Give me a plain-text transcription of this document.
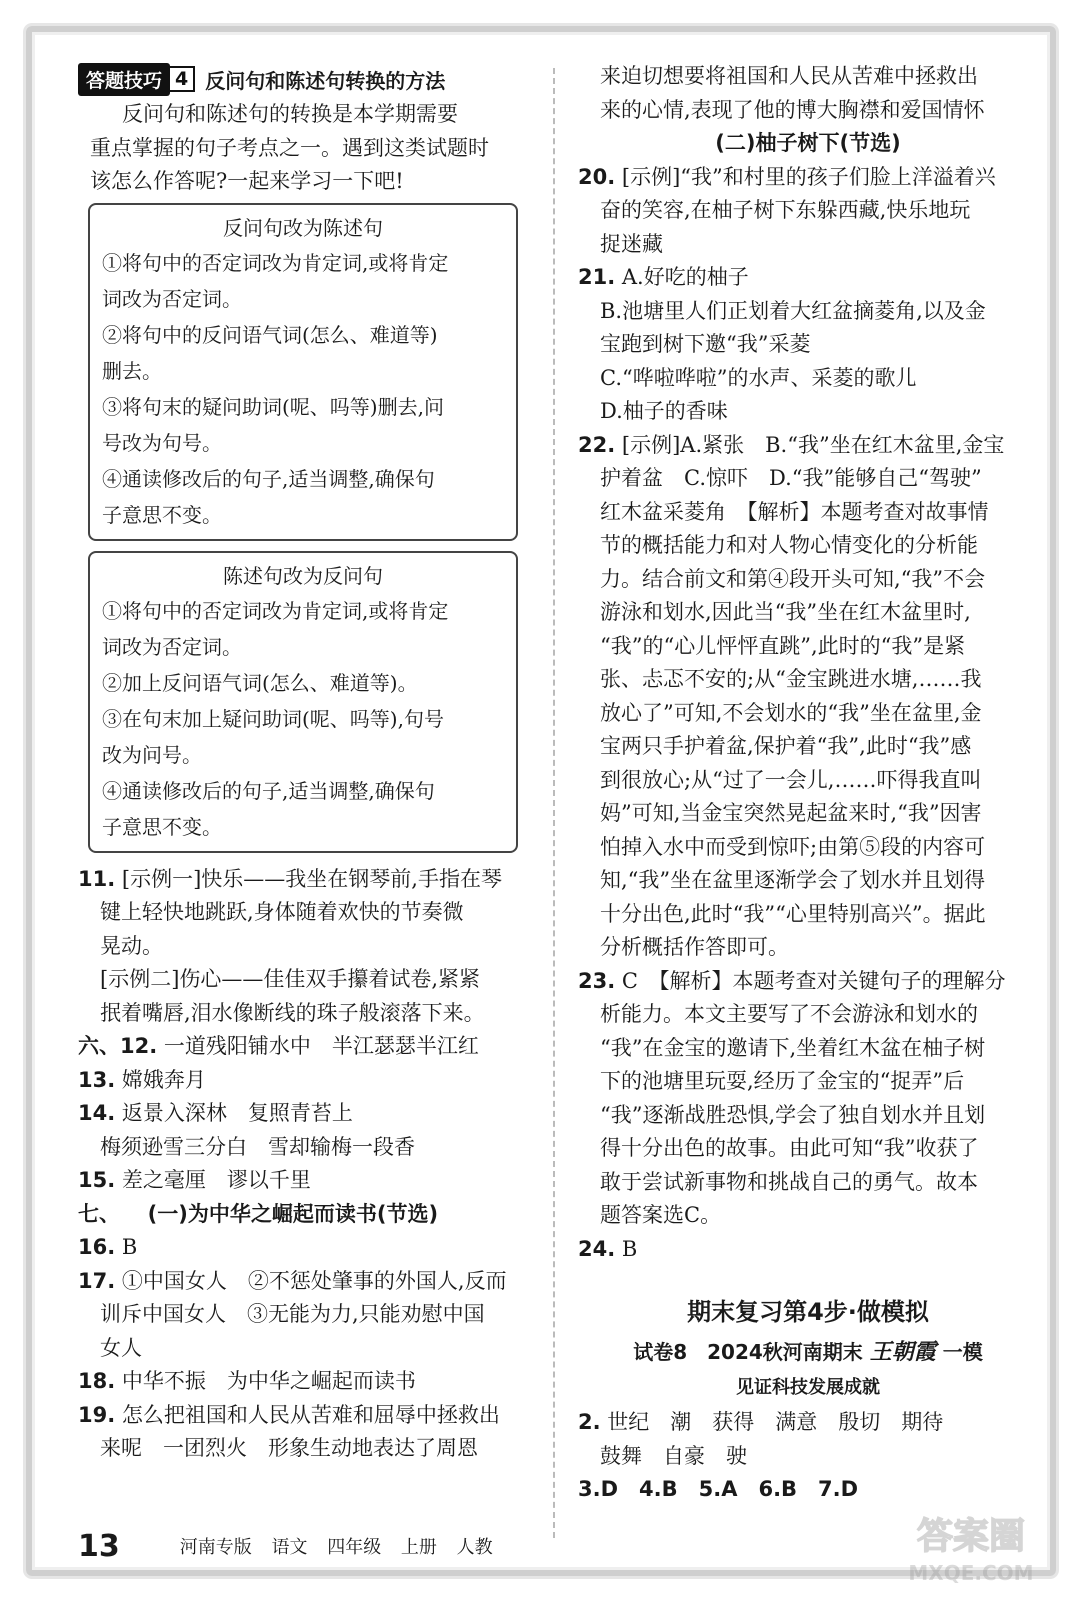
答题技巧 4 反问句和陈述句转换的方法
反问句和陈述句的转换是本学期需要
重点掌握的句子考点之一。遇到这类试题时
该怎么作答呢?一起来学习一下吧!
反问句改为陈述句
①将句中的否定词改为肯定词,或将肯定
词改为否定词。
②将句中的反问语气词(怎么、难道等)
删去。
③将句末的疑问助词(呢、吗等)删去,问
号改为句号。
④通读修改后的句子,适当调整,确保句
子意思不变。
陈述句改为反问句
①将句中的否定词改为肯定词,或将肯定
词改为否定词。
②加上反问语气词(怎么、难道等)。
③在句末加上疑问助词(呢、吗等),句号
改为问号。
④通读修改后的句子,适当调整,确保句
子意思不变。
11. [示例一]快乐——我坐在钢琴前,手指在琴
键上轻快地跳跃,身体随着欢快的节奏微
晃动。
[示例二]伤心——佳佳双手攥着试卷,紧紧
抿着嘴唇,泪水像断线的珠子般滚落下来。
六、12. 一道残阳铺水中　半江瑟瑟半江红
13. 嫦娥奔月
14. 返景入深林　复照青苔上
梅须逊雪三分白　雪却输梅一段香
15. 差之毫厘　谬以千里
七、 　(一)为中华之崛起而读书(节选)
16. B
17. ①中国女人　②不惩处肇事的外国人,反而
训斥中国女人　③无能为力,只能劝慰中国
女人
18. 中华不振　为中华之崛起而读书
19. 怎么把祖国和人民从苦难和屈辱中拯救出
来呢　一团烈火　形象生动地表达了周恩
来迫切想要将祖国和人民从苦难中拯救出
来的心情,表现了他的博大胸襟和爱国情怀
(二)柚子树下(节选)
20. [示例]“我”和村里的孩子们脸上洋溢着兴
奋的笑容,在柚子树下东躲西藏,快乐地玩
捉迷藏
21. A.好吃的柚子
B.池塘里人们正划着大红盆摘菱角,以及金
宝跑到树下邀“我”采菱
C.“哗啦哗啦”的水声、采菱的歌儿
D.柚子的香味
22. [示例]A.紧张　B.“我”坐在红木盆里,金宝
护着盆　C.惊吓　D.“我”能够自己“驾驶”
红木盆采菱角　【解析】本题考查对故事情
节的概括能力和对人物心情变化的分析能
力。结合前文和第④段开头可知,“我”不会
游泳和划水,因此当“我”坐在红木盆里时,
“我”的“心儿怦怦直跳”,此时的“我”是紧
张、忐忑不安的;从“金宝跳进水塘,……我
放心了”可知,不会划水的“我”坐在盆里,金
宝两只手护着盆,保护着“我”,此时“我”感
到很放心;从“过了一会儿,……吓得我直叫
妈”可知,当金宝突然晃起盆来时,“我”因害
怕掉入水中而受到惊吓;由第⑤段的内容可
知,“我”坐在盆里逐渐学会了划水并且划得
十分出色,此时“我”“心里特别高兴”。据此
分析概括作答即可。
23. C　【解析】本题考查对关键句子的理解分
析能力。本文主要写了不会游泳和划水的
“我”在金宝的邀请下,坐着红木盆在柚子树
下的池塘里玩耍,经历了金宝的“捉弄”后
“我”逐渐战胜恐惧,学会了独自划水并且划
得十分出色的故事。由此可知“我”收获了
敢于尝试新事物和挑战自己的勇气。故本
题答案选C。
24. B
期末复习第4步·做模拟
试卷8　2024秋河南期末 王朝霞 一模
见证科技发展成就
2. 世纪　潮　获得　满意　殷切　期待
鼓舞　自豪　驶
3.D　4.B　5.A　6.B　7.D
13	河南专版 语文 四年级 上册 人教	答案圈
MXQE.COM
